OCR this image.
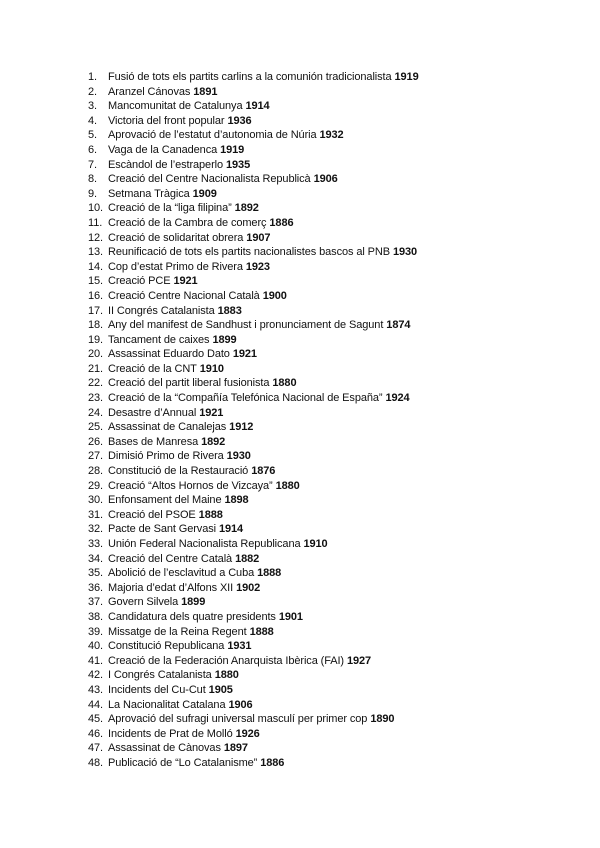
1.	Fusió de tots els partits carlins a la comunión tradicionalista 1919
2.	Aranzel Cánovas 1891
3.	Mancomunitat de Catalunya 1914
4.	Victoria del front popular 1936
5.	Aprovació de l’estatut d’autonomia de Núria 1932
6.	Vaga de la Canadenca 1919
7.	Escàndol de l’estraperlo 1935
8.	Creació del Centre Nacionalista Republicà 1906
9.	Setmana Tràgica 1909
10. Creació de la “liga filipina” 1892
11. Creació de la Cambra de comerç 1886
12. Creació de solidaritat obrera 1907
13. Reunificació de tots els partits nacionalistes bascos al PNB 1930
14. Cop d’estat Primo de Rivera 1923
15. Creació PCE 1921
16. Creació Centre Nacional Català 1900
17. II Congrés Catalanista 1883
18. Any del manifest de Sandhust i pronunciament de Sagunt 1874
19. Tancament de caixes 1899
20. Assassinat Eduardo Dato 1921
21. Creació de la CNT 1910
22. Creació del partit liberal fusionista 1880
23. Creació de la “Compañía Telefónica Nacional de España” 1924
24. Desastre d’Annual 1921
25. Assassinat de Canalejas 1912
26. Bases de Manresa 1892
27. Dimisió Primo de Rivera 1930
28. Constitució de la Restauració 1876
29. Creació “Altos Hornos de Vizcaya” 1880
30. Enfonsament del Maine 1898
31. Creació del PSOE 1888
32. Pacte de Sant Gervasi 1914
33. Unión Federal Nacionalista Republicana 1910
34. Creació del Centre Català 1882
35. Abolició de l’esclavitud a Cuba 1888
36. Majoria d’edat d’Alfons XII 1902
37. Govern Silvela 1899
38. Candidatura dels quatre presidents 1901
39. Missatge de la Reina Regent 1888
40. Constitució Republicana 1931
41. Creació de la Federación Anarquista Ibèrica (FAI) 1927
42. I Congrés Catalanista 1880
43. Incidents del Cu-Cut 1905
44. La Nacionalitat Catalana 1906
45. Aprovació del sufragi universal masculí per primer cop 1890
46. Incidents de Prat de Molló 1926
47. Assassinat de Cànovas 1897
48. Publicació de “Lo Catalanisme” 1886
